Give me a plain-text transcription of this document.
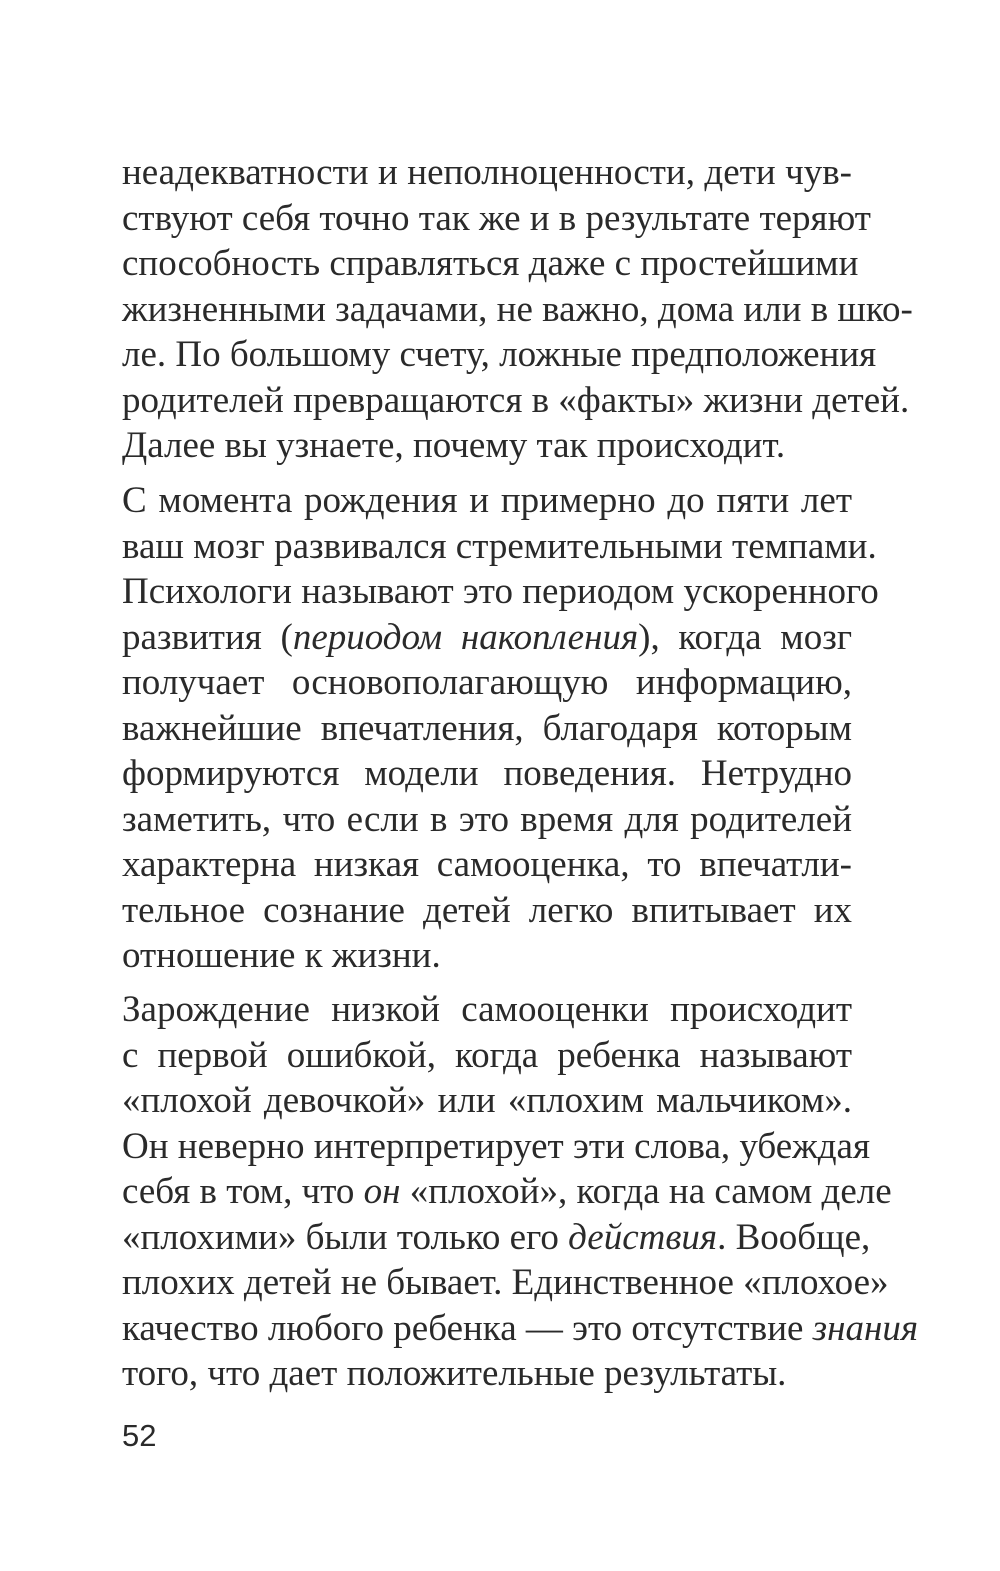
неадекватности и неполноценности, дети чув-
ствуют себя точно так же и в результате теряют
способность справляться даже с простейшими
жизненными задачами, не важно, дома или в шко-
ле. По большому счету, ложные предположения
родителей превращаются в «факты» жизни детей.
Далее вы узнаете, почему так происходит.
С момента рождения и примерно до пяти лет
ваш мозг развивался стремительными темпами.
Психологи называют это периодом ускоренного
развития (периодом накопления), когда мозг
получает основополагающую информацию,
важнейшие впечатления, благодаря которым
формируются модели поведения. Нетрудно
заметить, что если в это время для родителей
характерна низкая самооценка, то впечатли-
тельное сознание детей легко впитывает их
отношение к жизни.
Зарождение низкой самооценки происходит
с первой ошибкой, когда ребенка называют
«плохой девочкой» или «плохим мальчиком».
Он неверно интерпретирует эти слова, убеждая
себя в том, что он «плохой», когда на самом деле
«плохими» были только его действия. Вообще,
плохих детей не бывает. Единственное «плохое»
качество любого ребенка — это отсутствие знания
того, что дает положительные результаты.
52
